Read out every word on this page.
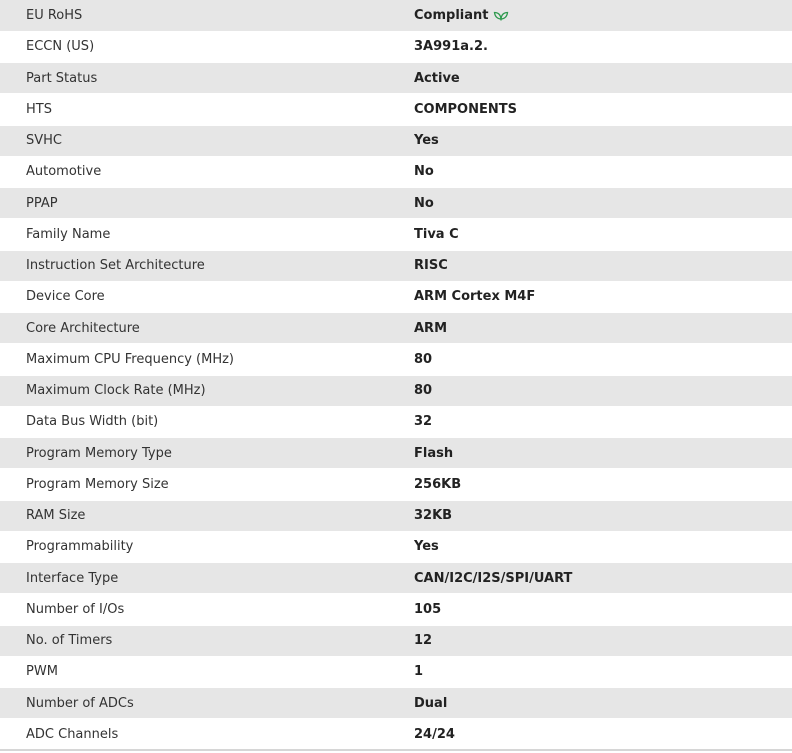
EU RoHS	Compliant
ECCN (US)	3A991a.2.
Part Status	Active
HTS	COMPONENTS
SVHC	Yes
Automotive	No
PPAP	No
Family Name	Tiva C
Instruction Set Architecture	RISC
Device Core	ARM Cortex M4F
Core Architecture	ARM
Maximum CPU Frequency (MHz)	80
Maximum Clock Rate (MHz)	80
Data Bus Width (bit)	32
Program Memory Type	Flash
Program Memory Size	256KB
RAM Size	32KB
Programmability	Yes
Interface Type	CAN/I2C/I2S/SPI/UART
Number of I/Os	105
No. of Timers	12
PWM	1
Number of ADCs	Dual
ADC Channels	24/24
